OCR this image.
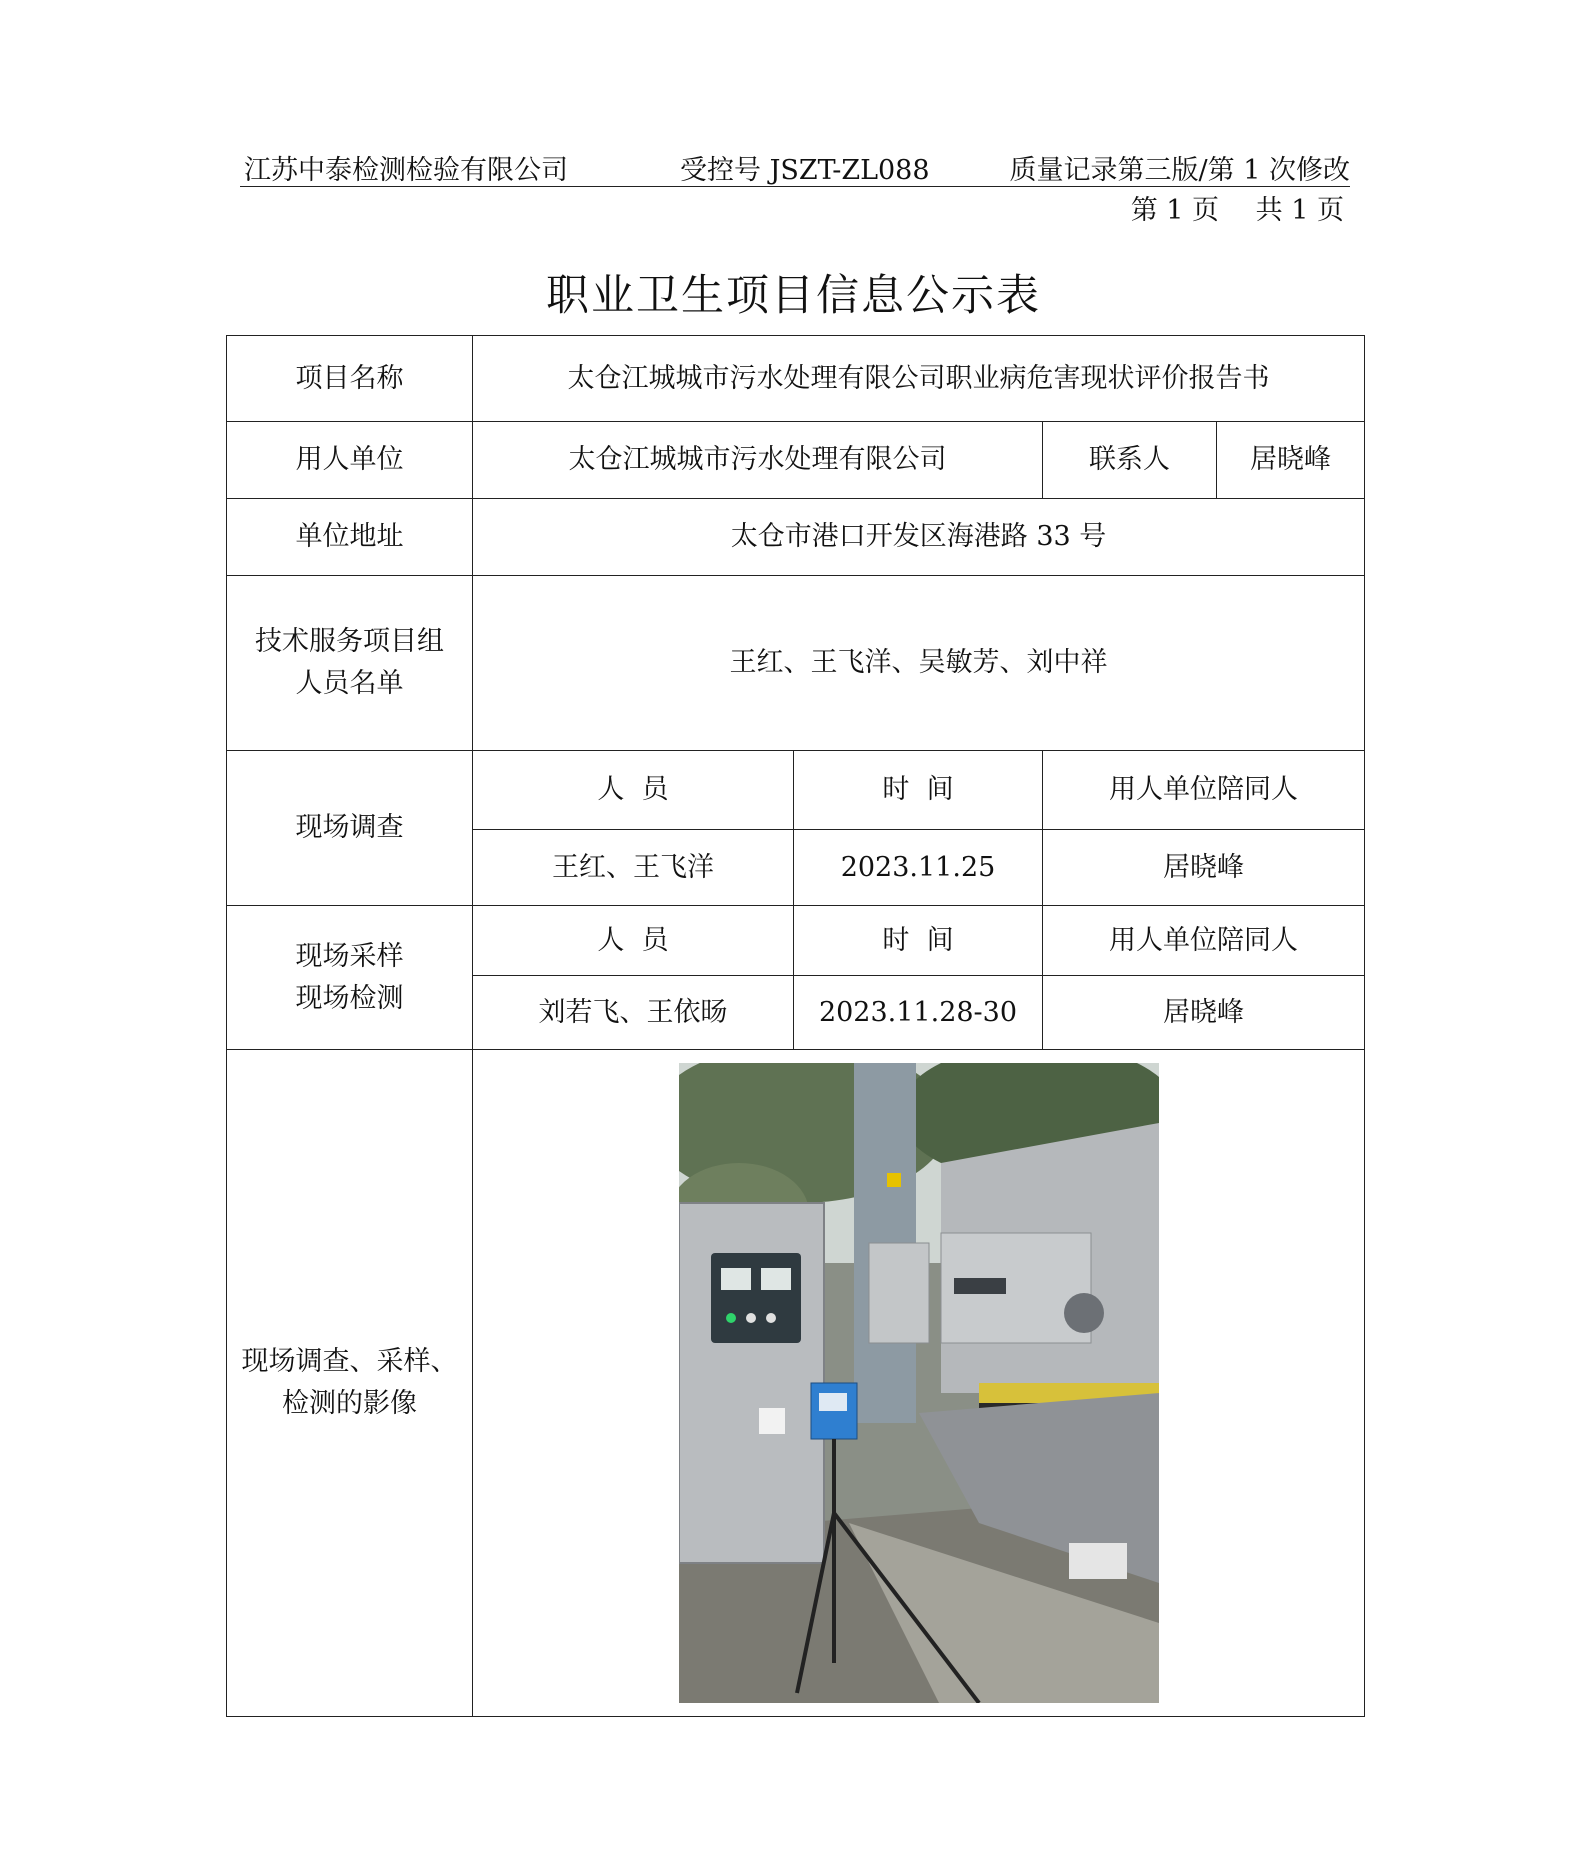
江苏中泰检测检验有限公司	受控号 JSZT-ZL088	质量记录第三版/第 1 次修改
第 1 页 共 1 页
职业卫生项目信息公示表
项目名称	太仓江城城市污水处理有限公司职业病危害现状评价报告书			
用人单位	太仓江城城市污水处理有限公司		联系人	居晓峰
单位地址	太仓市港口开发区海港路 33 号			

技术服务项目组
人员名单	王红、王飞洋、吴敏芳、刘中祥			
现场调查	人  员	时  间	用人单位陪同人	
	王红、王飞洋	2023.11.25	居晓峰	

现场采样
现场检测	人  员	时  间	用人单位陪同人	
	刘若飞、王依旸	2023.11.28-30	居晓峰	

现场调查、采样、
检测的影像
